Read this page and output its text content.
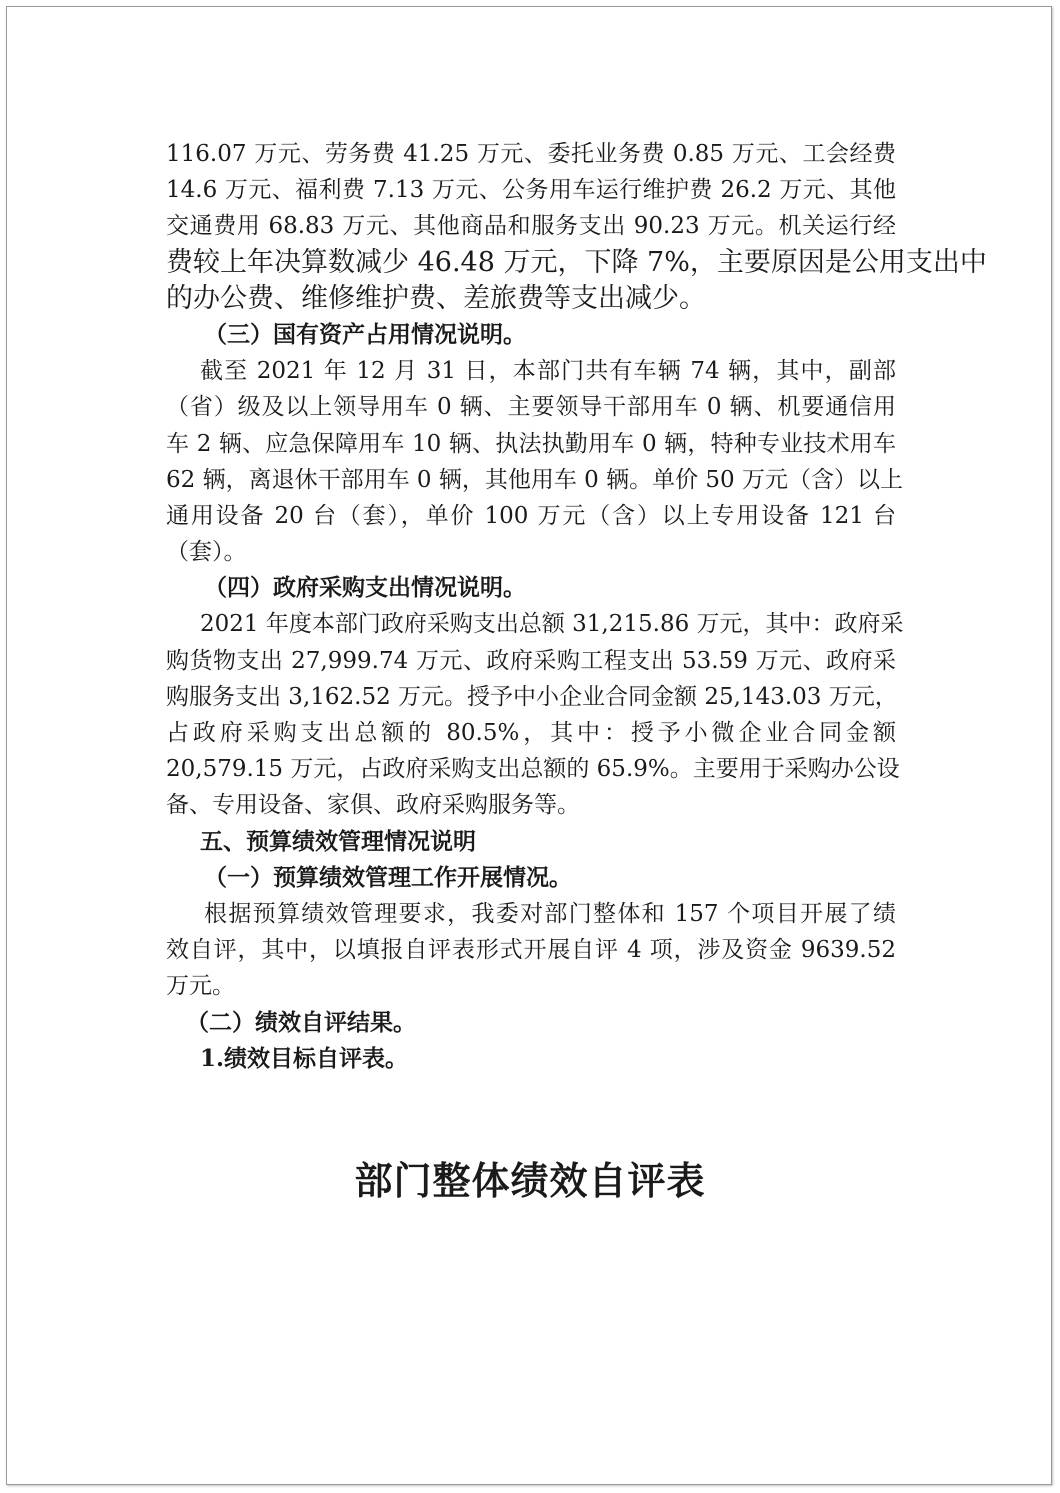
116.07 万元、劳务费 41.25 万元、委托业务费 0.85 万元、工会经费
14.6 万元、福利费 7.13 万元、公务用车运行维护费 26.2 万元、其他
交通费用 68.83 万元、其他商品和服务支出 90.23 万元。机关运行经
费较上年决算数减少 46.48 万元，下降 7%，主要原因是公用支出中
的办公费、维修维护费、差旅费等支出减少。
（三）国有资产占用情况说明。
截至 2021 年 12 月 31 日，本部门共有车辆 74 辆，其中，副部
（省）级及以上领导用车 0 辆、主要领导干部用车 0 辆、机要通信用
车 2 辆、应急保障用车 10 辆、执法执勤用车 0 辆，特种专业技术用车
62 辆，离退休干部用车 0 辆，其他用车 0 辆。单价 50 万元（含）以上
通用设备 20 台（套），单价 100 万元（含）以上专用设备 121 台
（套）。
（四）政府采购支出情况说明。
2021 年度本部门政府采购支出总额 31,215.86 万元，其中：政府采
购货物支出 27,999.74 万元、政府采购工程支出 53.59 万元、政府采
购服务支出 3,162.52 万元。授予中小企业合同金额 25,143.03 万元，
占政府采购支出总额的 80.5%，其中：授予小微企业合同金额
20,579.15 万元，占政府采购支出总额的 65.9%。主要用于采购办公设
备、专用设备、家俱、政府采购服务等。
五、预算绩效管理情况说明
（一）预算绩效管理工作开展情况。
根据预算绩效管理要求，我委对部门整体和 157 个项目开展了绩
效自评，其中，以填报自评表形式开展自评 4 项，涉及资金 9639.52
万元。
（二）绩效自评结果。
1.绩效目标自评表。
部门整体绩效自评表
